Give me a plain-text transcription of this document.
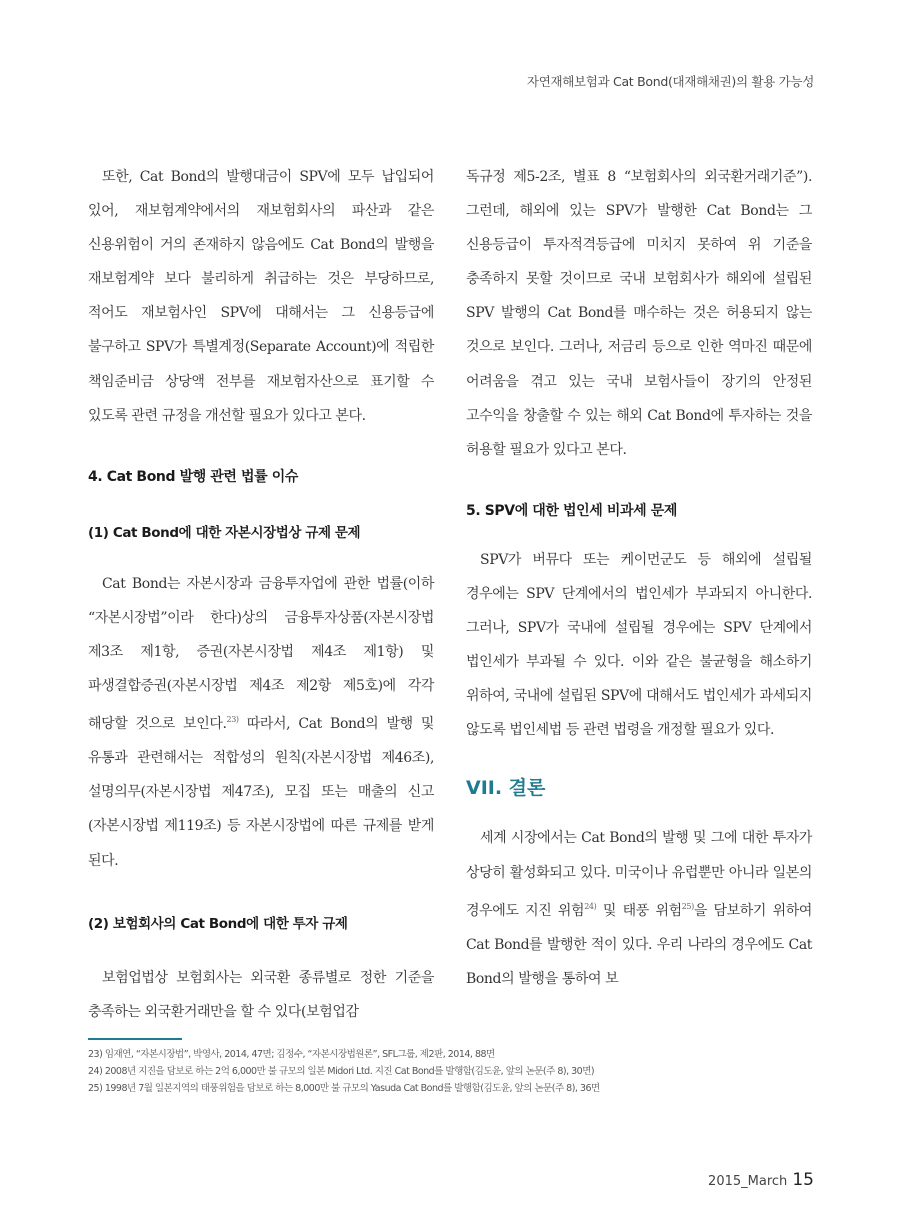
자연재해보험과 Cat Bond(대재해채권)의 활용 가능성

또한, Cat Bond의 발행대금이 SPV에 모두 납입되어 있어, 재보험계약에서의 재보험회사의 파산과 같은 신용위험이 거의 존재하지 않음에도 Cat Bond의 발행을 재보험계약 보다 불리하게 취급하는 것은 부당하므로, 적어도 재보험사인 SPV에 대해서는 그 신용등급에 불구하고 SPV가 특별계정(Separate Account)에 적립한 책임준비금 상당액 전부를 재보험자산으로 표기할 수 있도록 관련 규정을 개선할 필요가 있다고 본다.

4. Cat Bond 발행 관련 법률 이슈
(1) Cat Bond에 대한 자본시장법상 규제 문제

Cat Bond는 자본시장과 금융투자업에 관한 법률(이하 “자본시장법”이라 한다)상의 금융투자상품(자본시장법 제3조 제1항, 증권(자본시장법 제4조 제1항) 및 파생결합증권(자본시장법 제4조 제2항 제5호)에 각각 해당할 것으로 보인다.$^{23)}$ 따라서, Cat Bond의 발행 및 유통과 관련해서는 적합성의 원칙(자본시장법 제46조), 설명의무(자본시장법 제47조), 모집 또는 매출의 신고(자본시장법 제119조) 등 자본시장법에 따른 규제를 받게 된다.

(2) 보험회사의 Cat Bond에 대한 투자 규제

보험업법상 보험회사는 외국환 종류별로 정한 기준을 충족하는 외국환거래만을 할 수 있다(보험업감

독규정 제5-2조, 별표 8 “보험회사의 외국환거래기준”). 그런데, 해외에 있는 SPV가 발행한 Cat Bond는 그 신용등급이 투자적격등급에 미치지 못하여 위 기준을 충족하지 못할 것이므로 국내 보험회사가 해외에 설립된 SPV 발행의 Cat Bond를 매수하는 것은 허용되지 않는 것으로 보인다. 그러나, 저금리 등으로 인한 역마진 때문에 어려움을 겪고 있는 국내 보험사들이 장기의 안정된 고수익을 창출할 수 있는 해외 Cat Bond에 투자하는 것을 허용할 필요가 있다고 본다.

5. SPV에 대한 법인세 비과세 문제

SPV가 버뮤다 또는 케이먼군도 등 해외에 설립될 경우에는 SPV 단계에서의 법인세가 부과되지 아니한다. 그러나, SPV가 국내에 설립될 경우에는 SPV 단계에서 법인세가 부과될 수 있다. 이와 같은 불균형을 해소하기 위하여, 국내에 설립된 SPV에 대해서도 법인세가 과세되지 않도록 법인세법 등 관련 법령을 개정할 필요가 있다.

VII. 결론

세계 시장에서는 Cat Bond의 발행 및 그에 대한 투자가 상당히 활성화되고 있다. 미국이나 유럽뿐만 아니라 일본의 경우에도 지진 위험$^{24)}$ 및 태풍 위험$^{25)}$을 담보하기 위하여 Cat Bond를 발행한 적이 있다. 우리 나라의 경우에도 Cat Bond의 발행을 통하여 보

23) 임재연, “자본시장법”, 박영사, 2014, 47면; 김정수, “자본시장법원론”, SFL그룹, 제2판, 2014, 88면

24) 2008년 지진을 담보로 하는 2억 6,000만 불 규모의 일본 Midori Ltd. 지진 Cat Bond를 발행함(김도윤, 앞의 논문(주 8), 30면)

25) 1998년 7월 일본지역의 태풍위험을 담보로 하는 8,000만 불 규모의 Yasuda Cat Bond를 발행함(김도윤, 앞의 논문(주 8), 36면

2015_March 15
